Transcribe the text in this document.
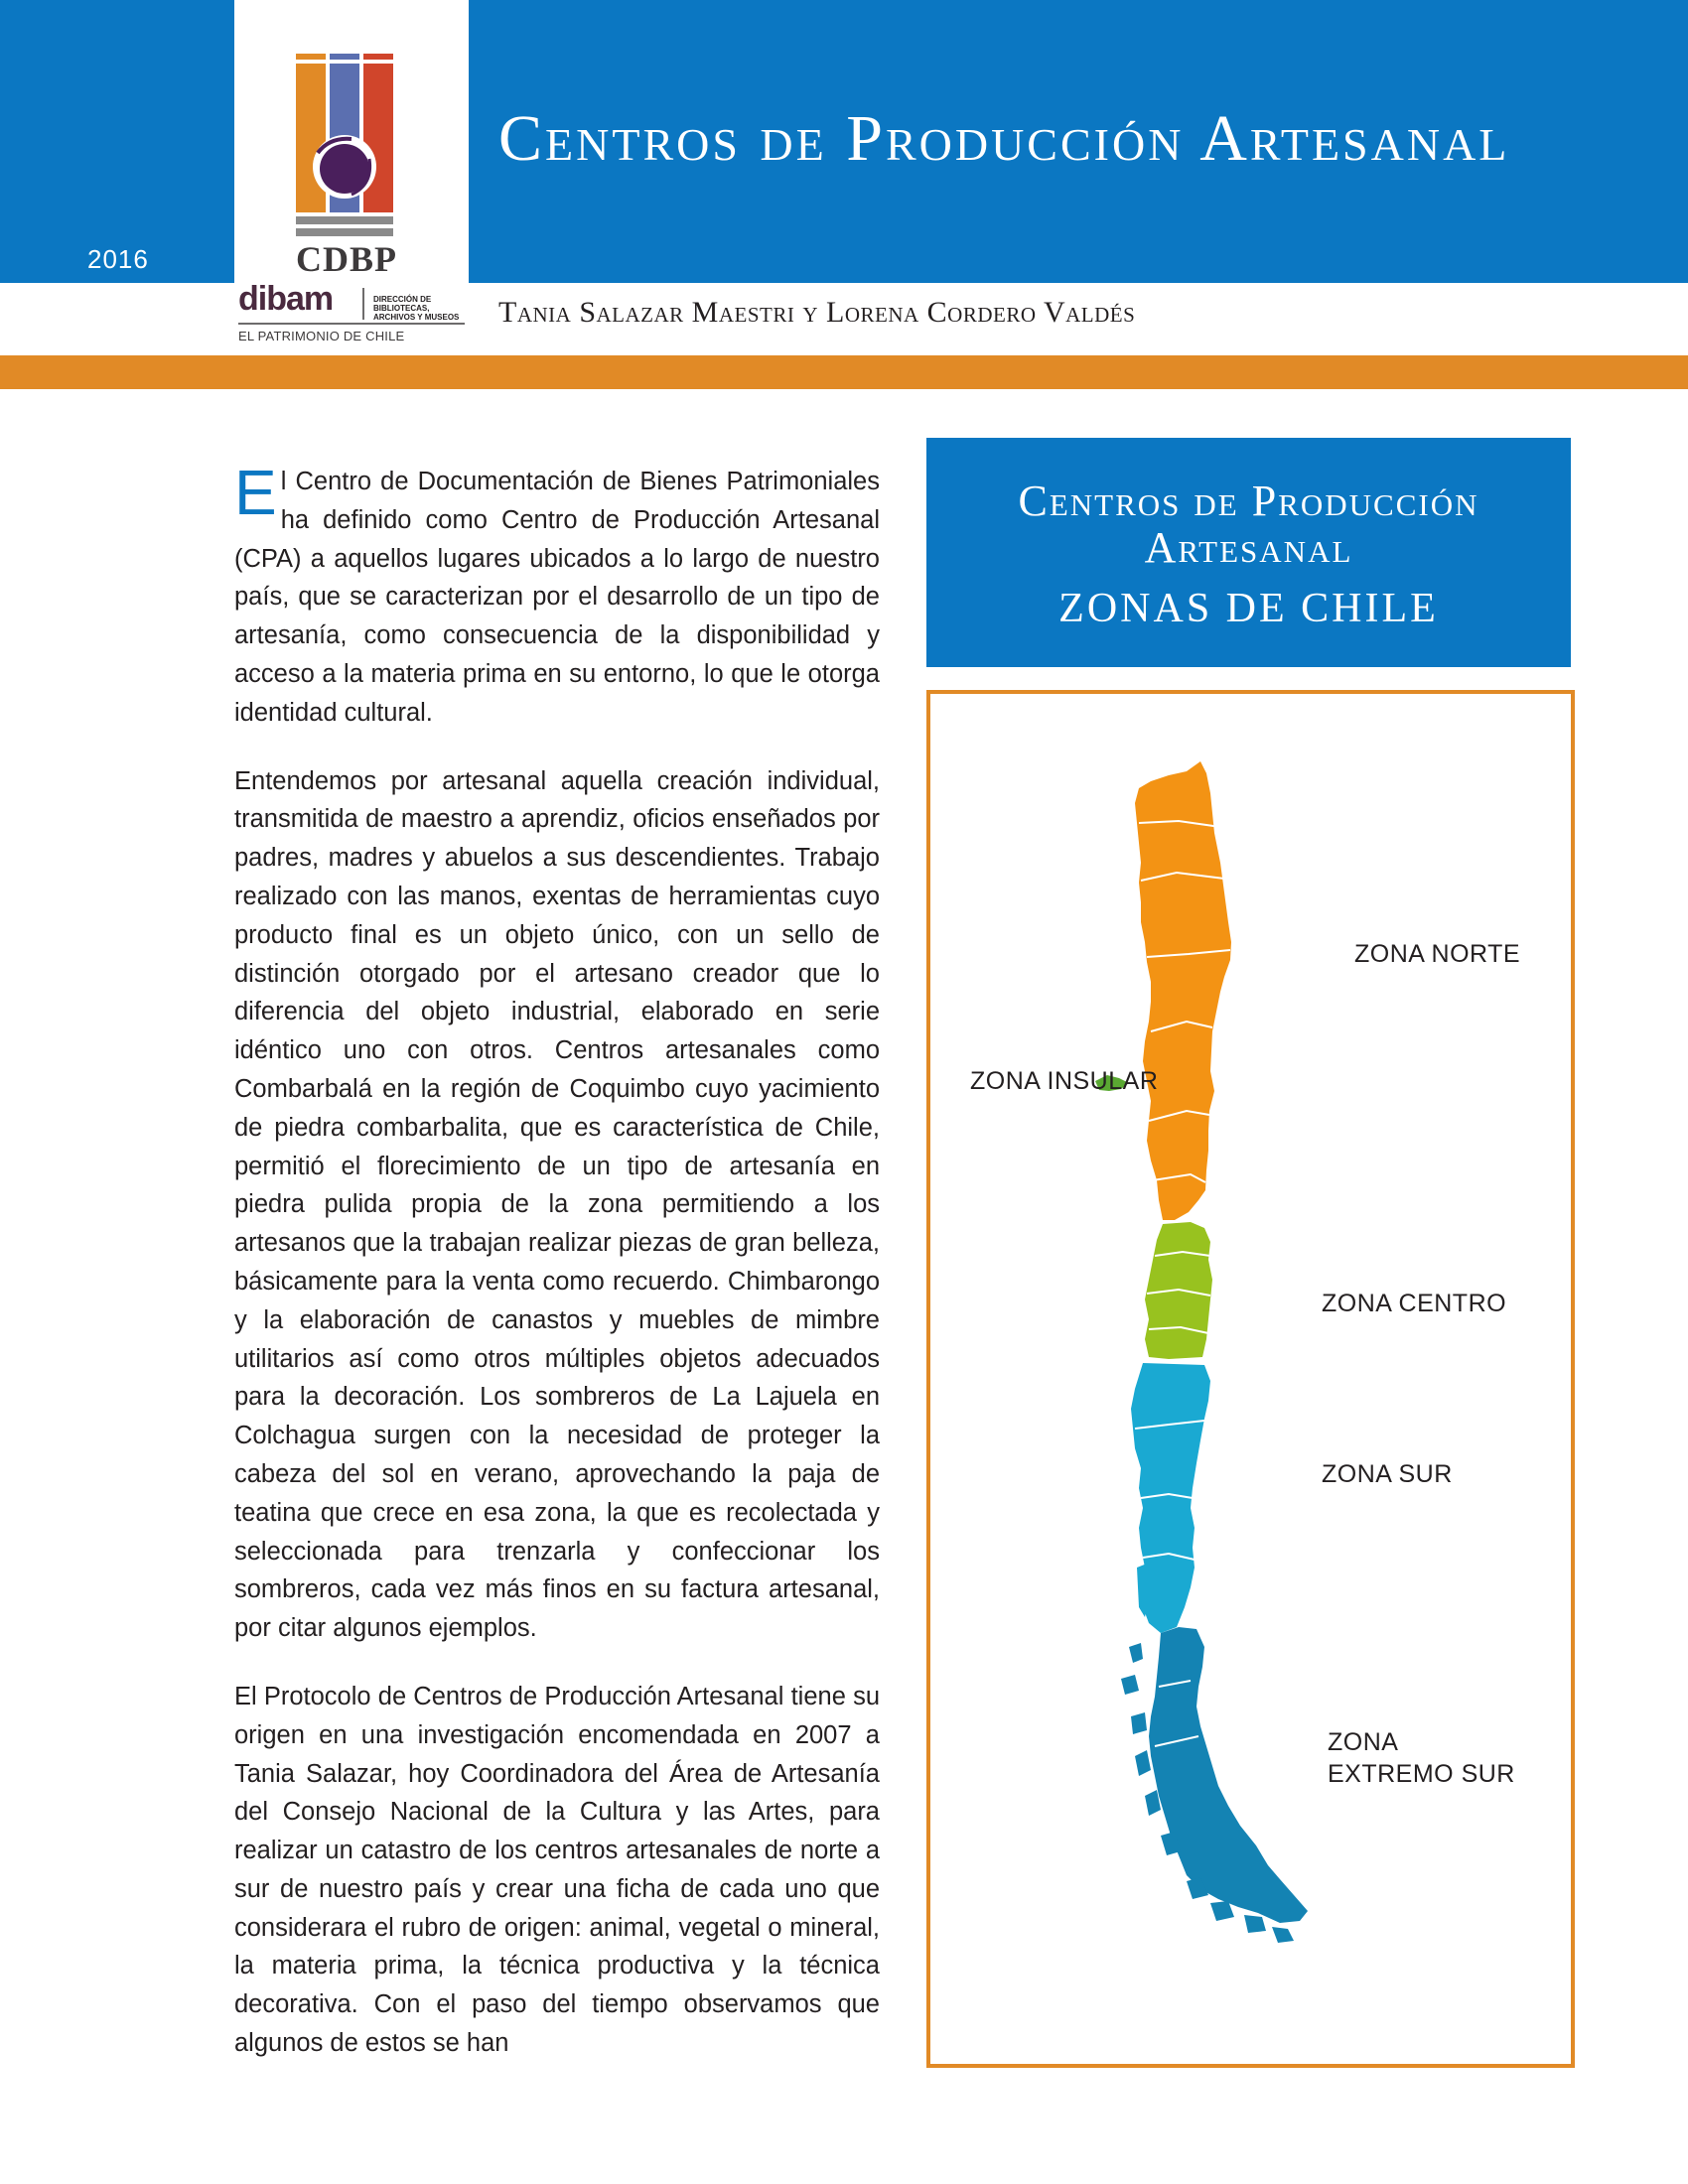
2016	CDBP
dibam	DIRECCIÓN DE BIBLIOTECAS, ARCHIVOS Y MUSEOS
EL PATRIMONIO DE CHILE
Centros de Producción Artesanal
Tania Salazar Maestri y Lorena Cordero Valdés

El Centro de Documentación de Bienes Patrimoniales ha definido como Centro de Producción Artesanal (CPA) a aquellos lugares ubicados a lo largo de nuestro país, que se caracterizan por el desarrollo de un tipo de artesanía, como consecuencia de la disponibilidad y acceso a la materia prima en su entorno, lo que le otorga identidad cultural.

Entendemos por artesanal aquella creación individual, transmitida de maestro a aprendiz, oficios enseñados por padres, madres y abuelos a sus descendientes. Trabajo realizado con las manos, exentas de herramientas cuyo producto final es un objeto único, con un sello de distinción otorgado por el artesano creador que lo diferencia del objeto industrial, elaborado en serie idéntico uno con otros. Centros artesanales como Combarbalá en la región de Coquimbo cuyo yacimiento de piedra combarbalita, que es característica de Chile, permitió el florecimiento de un tipo de artesanía en piedra pulida propia de la zona permitiendo a los artesanos que la trabajan realizar piezas de gran belleza, básicamente para la venta como recuerdo. Chimbarongo y la elaboración de canastos y muebles de mimbre utilitarios así como otros múltiples objetos adecuados para la decoración. Los sombreros de La Lajuela en Colchagua surgen con la necesidad de proteger la cabeza del sol en verano, aprovechando la paja de teatina que crece en esa zona, la que es recolectada y seleccionada para trenzarla y confeccionar los sombreros, cada vez más finos en su factura artesanal, por citar algunos ejemplos.

El Protocolo de Centros de Producción Artesanal tiene su origen en una investigación encomendada en 2007 a Tania Salazar, hoy Coordinadora del Área de Artesanía del Consejo Nacional de la Cultura y las Artes, para realizar un catastro de los centros artesanales de norte a sur de nuestro país y crear una ficha de cada uno que considerara el rubro de origen: animal, vegetal o mineral, la materia prima, la técnica productiva y la técnica decorativa. Con el paso del tiempo observamos que algunos de estos se han

Centros de Producción
Artesanal
ZONAS DE CHILE
ZONA NORTE
ZONA INSULAR
ZONA CENTRO
ZONA SUR
ZONA
EXTREMO SUR
